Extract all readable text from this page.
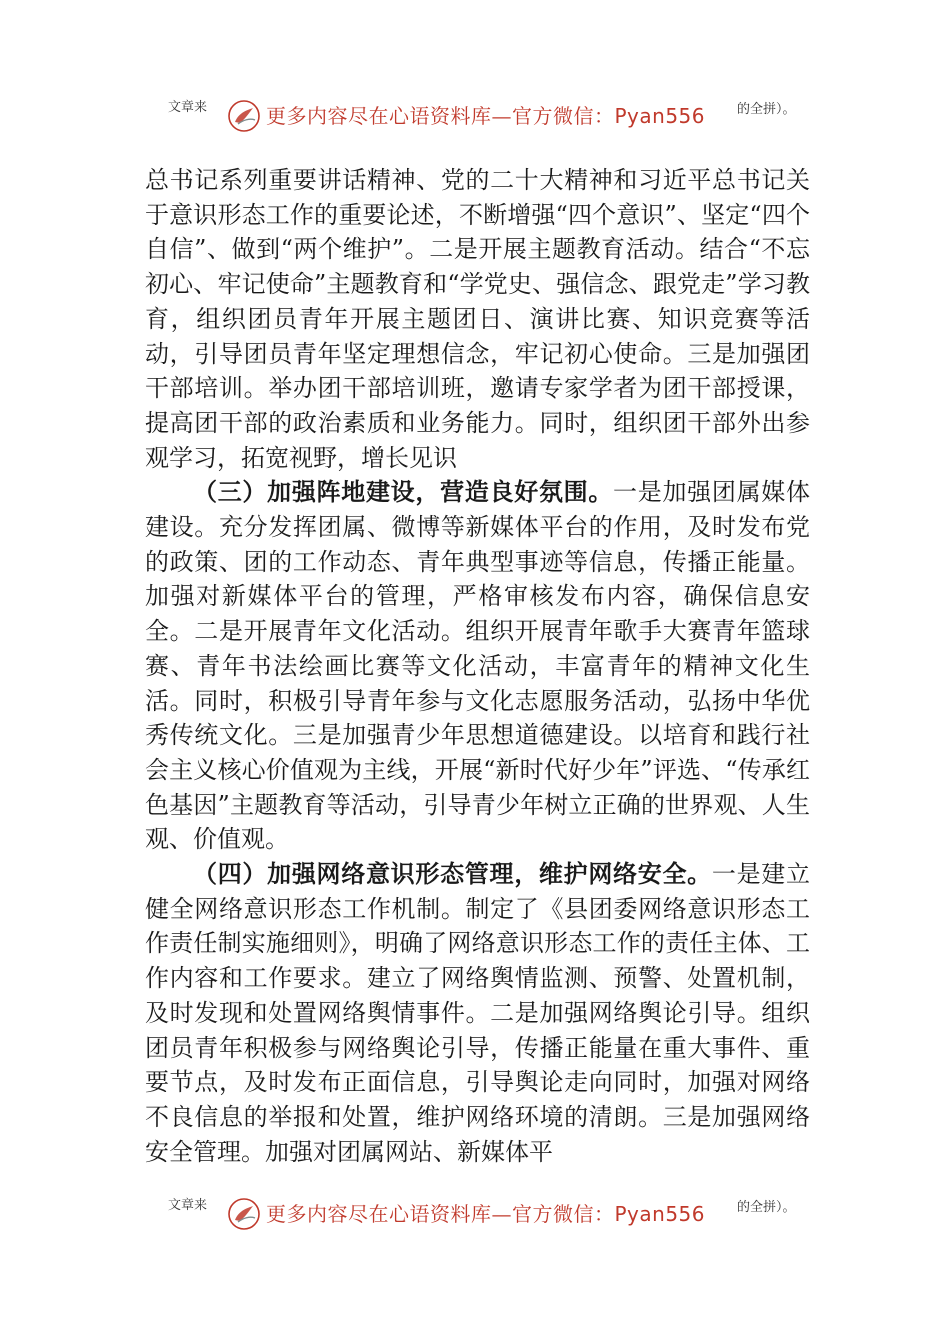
文章来	更多内容尽在心语资料库—官方微信：Pyan556 的全拼）。

总书记系列重要讲话精神、党的二十大精神和习近平总书记关于意识形态工作的重要论述，不断增强“四个意识”、坚定“四个自信”、做到“两个维护”。二是开展主题教育活动。结合“不忘初心、牢记使命”主题教育和“学党史、强信念、跟党走”学习教育，组织团员青年开展主题团日、演讲比赛、知识竞赛等活动，引导团员青年坚定理想信念，牢记初心使命。三是加强团干部培训。举办团干部培训班，邀请专家学者为团干部授课，提高团干部的政治素质和业务能力。同时，组织团干部外出参观学习，拓宽视野，增长见识

（三）加强阵地建设，营造良好氛围。一是加强团属媒体建设。充分发挥团属、微博等新媒体平台的作用，及时发布党的政策、团的工作动态、青年典型事迹等信息，传播正能量。加强对新媒体平台的管理，严格审核发布内容，确保信息安全。二是开展青年文化活动。组织开展青年歌手大赛青年篮球赛、青年书法绘画比赛等文化活动，丰富青年的精神文化生活。同时，积极引导青年参与文化志愿服务活动，弘扬中华优秀传统文化。三是加强青少年思想道德建设。以培育和践行社会主义核心价值观为主线，开展“新时代好少年”评选、“传承红色基因”主题教育等活动，引导青少年树立正确的世界观、人生观、价值观。

（四）加强网络意识形态管理，维护网络安全。一是建立健全网络意识形态工作机制。制定了《县团委网络意识形态工作责任制实施细则》，明确了网络意识形态工作的责任主体、工作内容和工作要求。建立了网络舆情监测、预警、处置机制，及时发现和处置网络舆情事件。二是加强网络舆论引导。组织团员青年积极参与网络舆论引导，传播正能量在重大事件、重要节点，及时发布正面信息，引导舆论走向同时，加强对网络不良信息的举报和处置，维护网络环境的清朗。三是加强网络安全管理。加强对团属网站、新媒体平

文章来	更多内容尽在心语资料库—官方微信：Pyan556 的全拼）。
